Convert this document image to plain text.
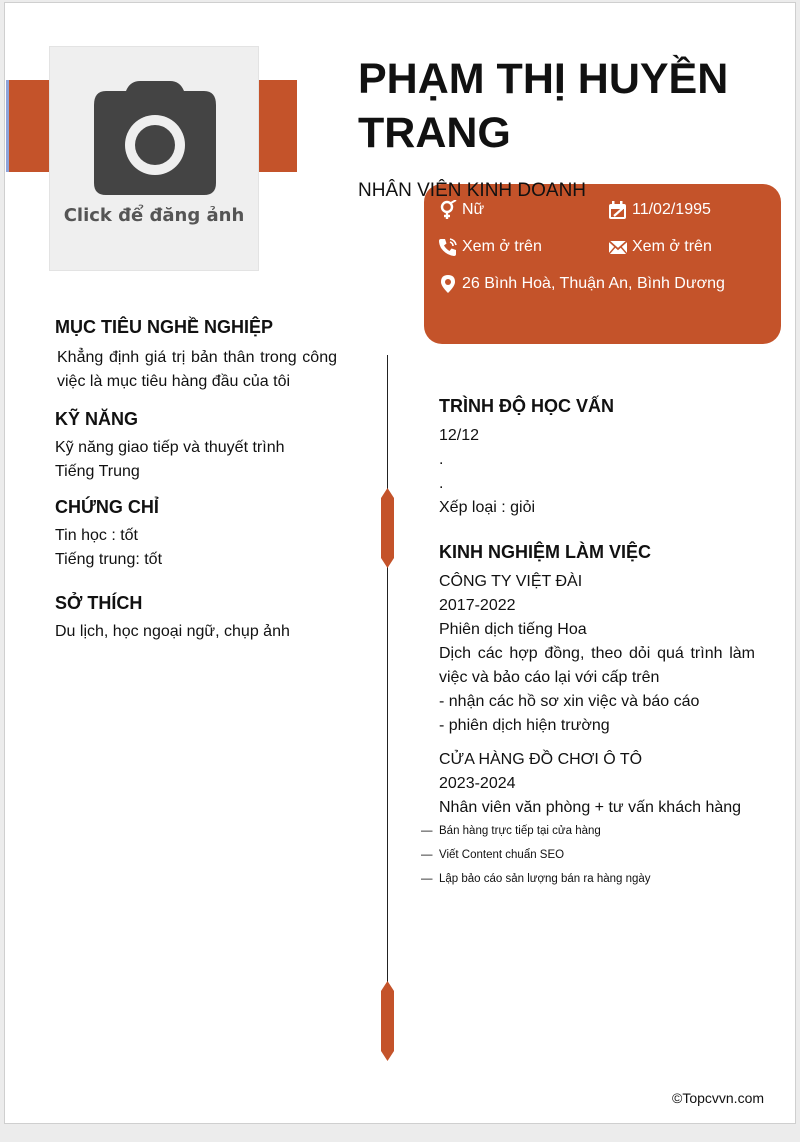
Click để đăng ảnh
PHẠM THỊ HUYỀN TRANG
NHÂN VIÊN KINH DOANH
Nữ	11/02/1995
Xem ở trên	Xem ở trên
26 Bình Hoà, Thuận An, Bình Dương
MỤC TIÊU NGHỀ NGHIỆP
Khẳng định giá trị bản thân trong công việc là mục tiêu hàng đầu của tôi
KỸ NĂNG
Kỹ năng giao tiếp và thuyết trình
Tiếng Trung
CHỨNG CHỈ
Tin học : tốt
Tiếng trung: tốt
SỞ THÍCH
Du lịch, học ngoại ngữ, chụp ảnh
TRÌNH ĐỘ HỌC VẤN
12/12
.
.
Xếp loại : giỏi
KINH NGHIỆM LÀM VIỆC
CÔNG TY VIỆT ĐÀI
2017-2022
Phiên dịch tiếng Hoa
Dịch các hợp đồng, theo dỏi quá trình làm việc và bảo cáo lại với cấp trên
- nhận các hồ sơ xin việc và báo cáo
- phiên dịch hiện trường
CỬA HÀNG ĐỒ CHƠI Ô TÔ
2023-2024
Nhân viên văn phòng + tư vấn khách hàng
— Bán hàng trực tiếp tại cửa hàng
— Viết Content chuẩn SEO
— Lập bảo cáo sản lượng bán ra hàng ngày
©Topcvvn.com
